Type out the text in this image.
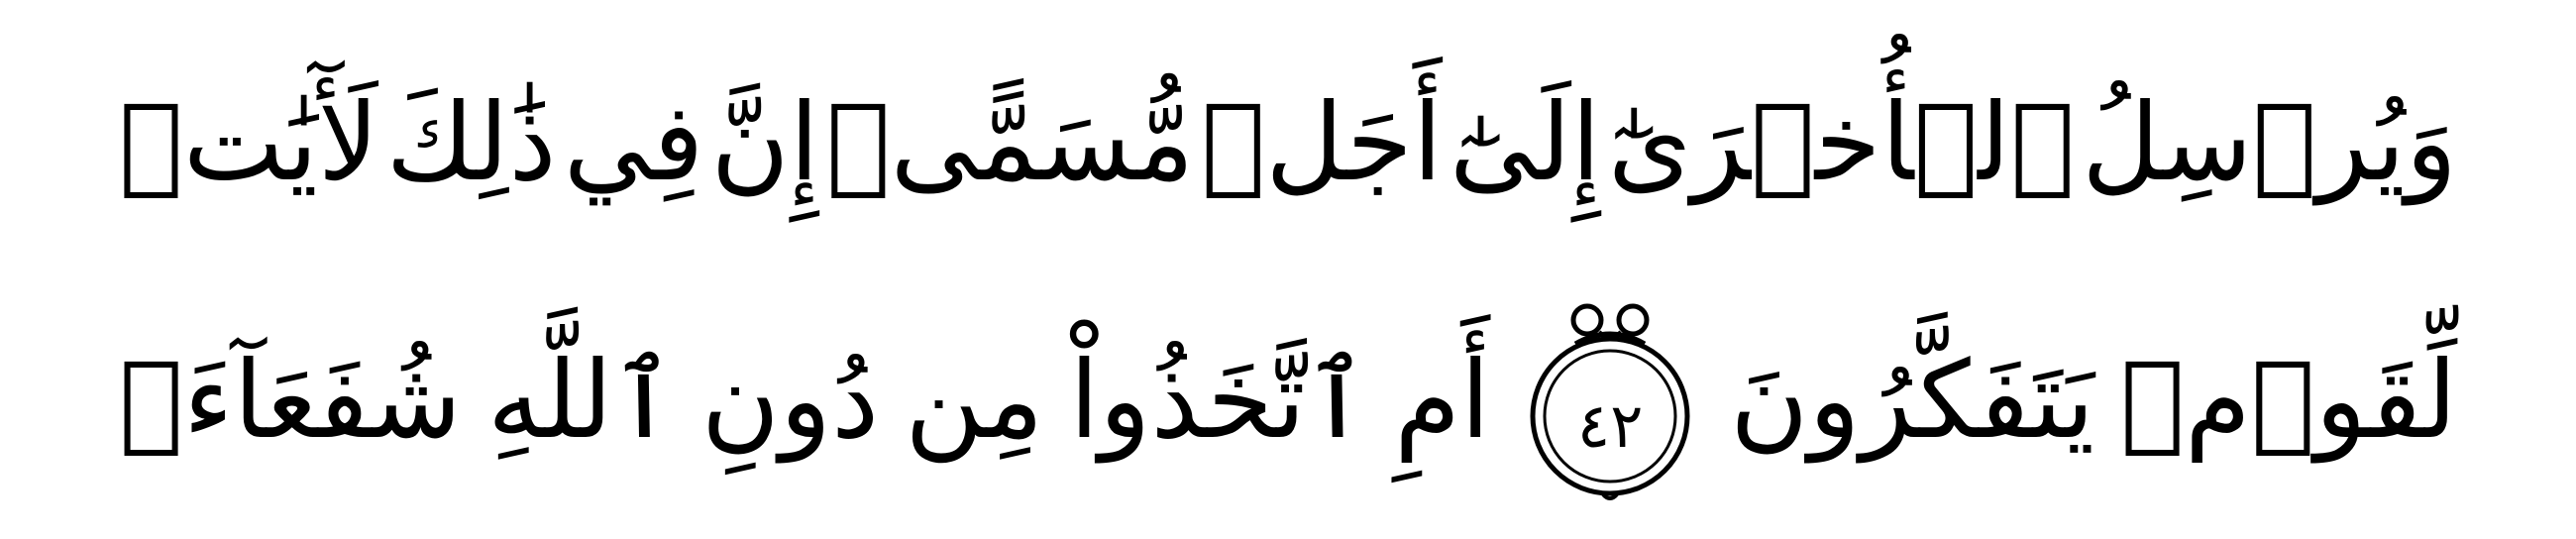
وَيُرۡسِلُ
ٱلۡأُخۡرَىٰٓ
إِلَىٰٓ
أَجَلٖ
مُّسَمًّىۚ
إِنَّ
فِي
ذَٰلِكَ
لَأٓيَٰتٖ
لِّقَوۡمٖ
يَتَفَكَّرُونَ
٤٢
أَمِ
ٱتَّخَذُواْ
مِن
دُونِ
ٱللَّهِ
شُفَعَآءَۚ
